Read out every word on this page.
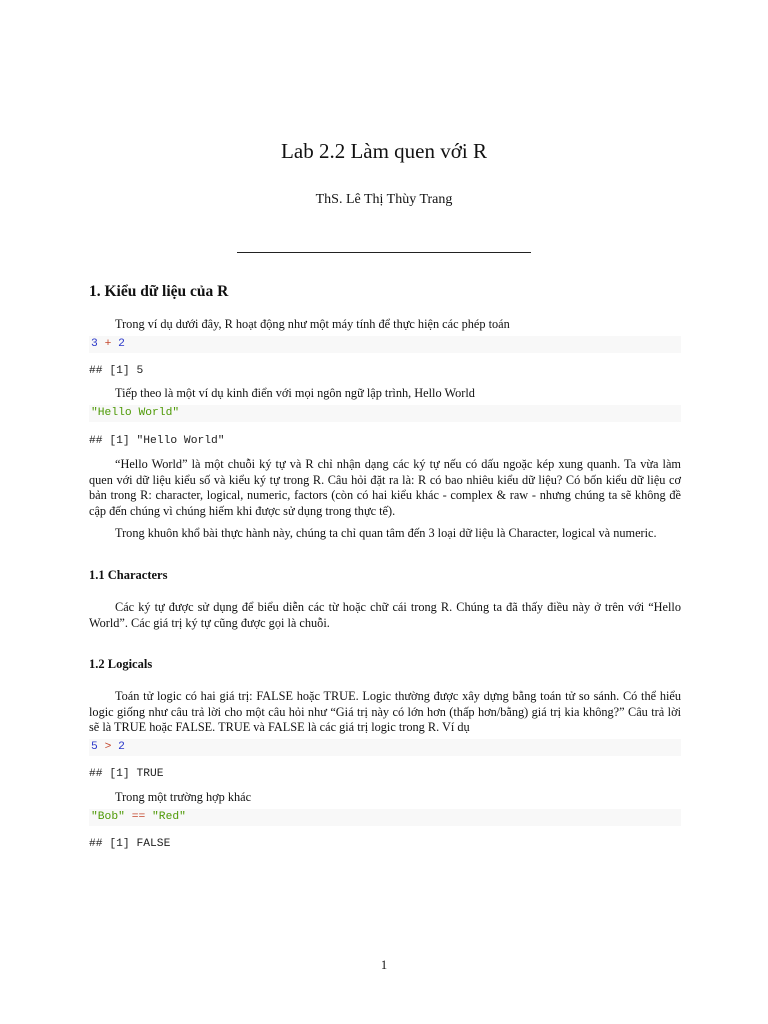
Lab 2.2 Làm quen với R
ThS. Lê Thị Thùy Trang
1. Kiểu dữ liệu của R

Trong ví dụ dưới đây, R hoạt động như một máy tính để thực hiện các phép toán

3 + 2
## [1] 5

Tiếp theo là một ví dụ kinh điển với mọi ngôn ngữ lập trình, Hello World

"Hello World"
## [1] "Hello World"

“Hello World” là một chuỗi ký tự và R chỉ nhận dạng các ký tự nếu có dấu ngoặc kép xung quanh. Ta vừa làm quen với dữ liệu kiểu số và kiểu ký tự trong R. Câu hỏi đặt ra là: R có bao nhiêu kiểu dữ liệu? Có bốn kiểu dữ liệu cơ bản trong R: character, logical, numeric, factors (còn có hai kiểu khác - complex & raw - nhưng chúng ta sẽ không đề cập đến chúng vì chúng hiếm khi được sử dụng trong thực tế).

Trong khuôn khổ bài thực hành này, chúng ta chỉ quan tâm đến 3 loại dữ liệu là Character, logical và numeric.

1.1 Characters

Các ký tự được sử dụng để biểu diễn các từ hoặc chữ cái trong R. Chúng ta đã thấy điều này ở trên với “Hello World”. Các giá trị ký tự cũng được gọi là chuỗi.

1.2 Logicals

Toán tử logic có hai giá trị: FALSE hoặc TRUE. Logic thường được xây dựng bằng toán tử so sánh. Có thể hiểu logic giống như câu trả lời cho một câu hỏi như “Giá trị này có lớn hơn (thấp hơn/bằng) giá trị kia không?” Câu trả lời sẽ là TRUE hoặc FALSE. TRUE và FALSE là các giá trị logic trong R. Ví dụ

5 > 2
## [1] TRUE

Trong một trường hợp khác

"Bob" == "Red"
## [1] FALSE
1
